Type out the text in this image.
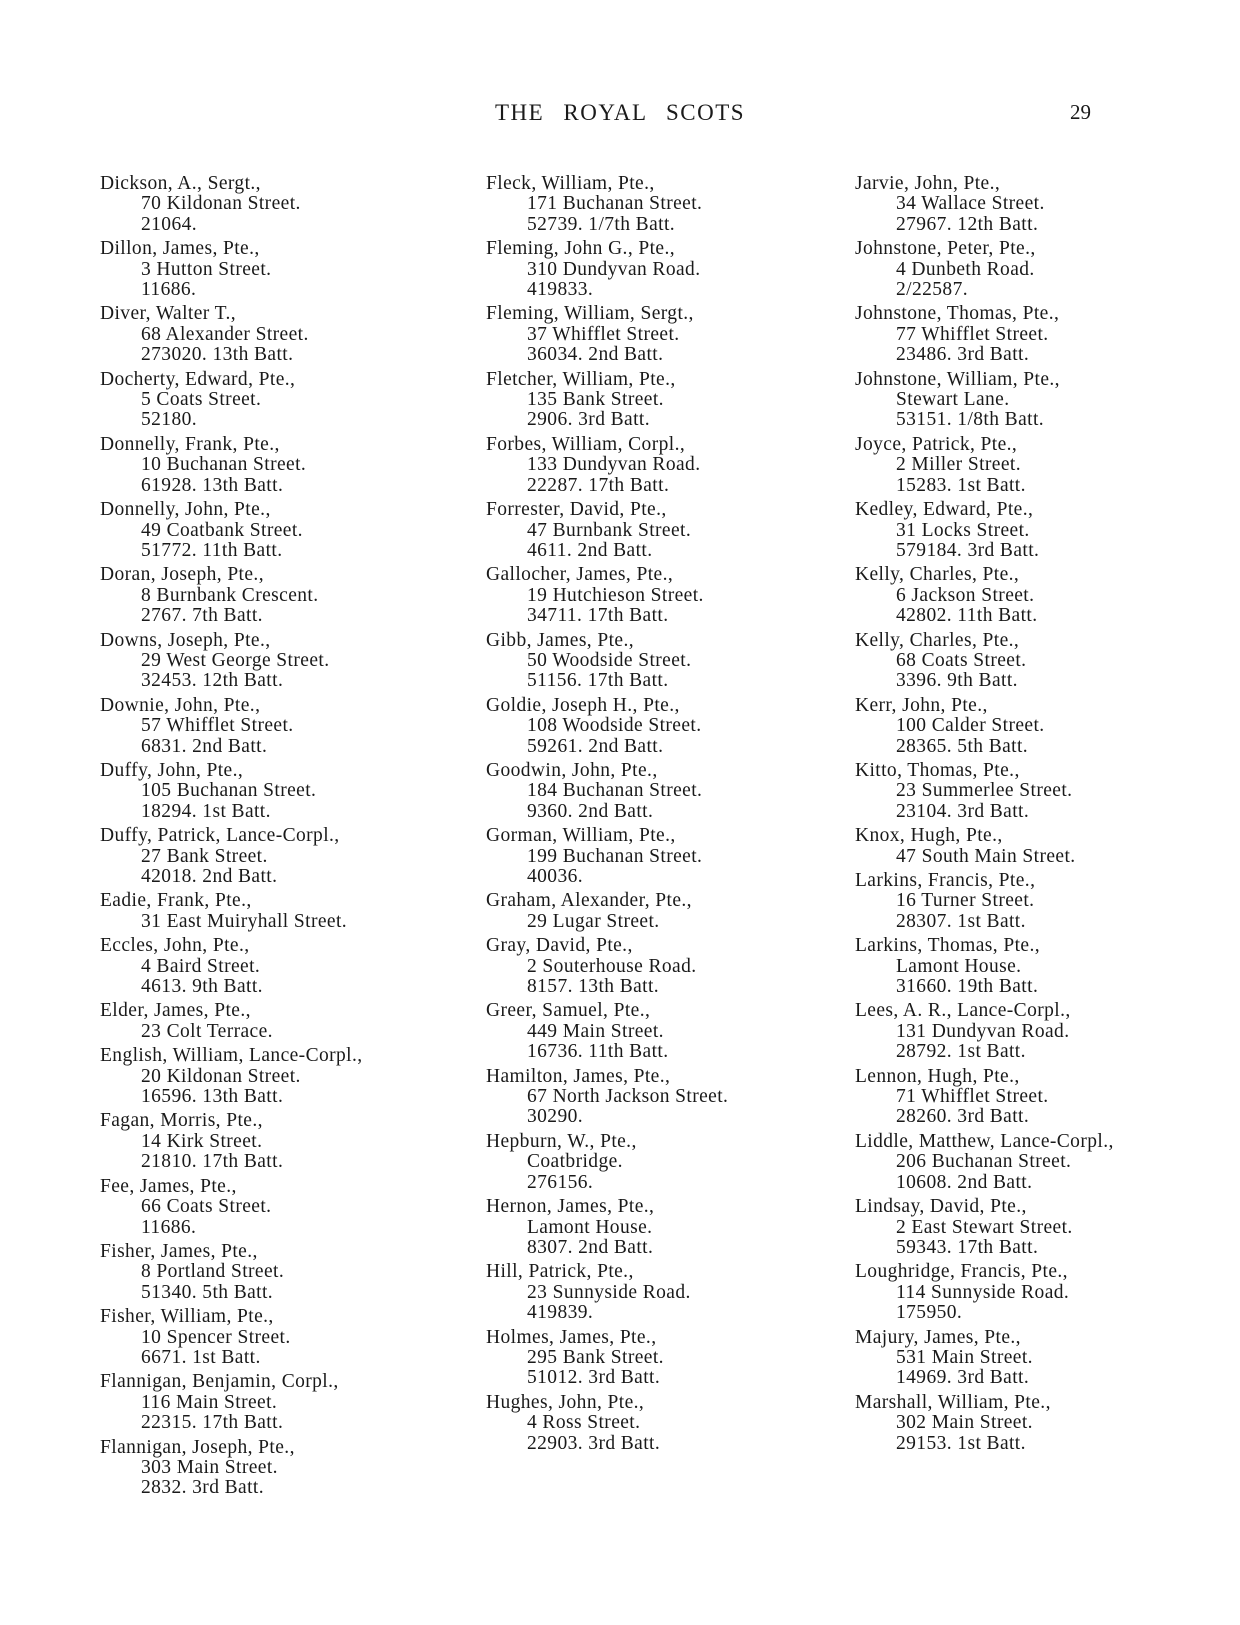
THE ROYAL SCOTS	29
Dickson, A., Sergt.,
70 Kildonan Street.
21064.
Dillon, James, Pte.,
3 Hutton Street.
11686.
Diver, Walter T.,
68 Alexander Street.
273020. 13th Batt.
Docherty, Edward, Pte.,
5 Coats Street.
52180.
Donnelly, Frank, Pte.,
10 Buchanan Street.
61928. 13th Batt.
Donnelly, John, Pte.,
49 Coatbank Street.
51772. 11th Batt.
Doran, Joseph, Pte.,
8 Burnbank Crescent.
2767. 7th Batt.
Downs, Joseph, Pte.,
29 West George Street.
32453. 12th Batt.
Downie, John, Pte.,
57 Whifflet Street.
6831. 2nd Batt.
Duffy, John, Pte.,
105 Buchanan Street.
18294. 1st Batt.
Duffy, Patrick, Lance-Corpl.,
27 Bank Street.
42018. 2nd Batt.
Eadie, Frank, Pte.,
31 East Muiryhall Street.
Eccles, John, Pte.,
4 Baird Street.
4613. 9th Batt.
Elder, James, Pte.,
23 Colt Terrace.
English, William, Lance-Corpl.,
20 Kildonan Street.
16596. 13th Batt.
Fagan, Morris, Pte.,
14 Kirk Street.
21810. 17th Batt.
Fee, James, Pte.,
66 Coats Street.
11686.
Fisher, James, Pte.,
8 Portland Street.
51340. 5th Batt.
Fisher, William, Pte.,
10 Spencer Street.
6671. 1st Batt.
Flannigan, Benjamin, Corpl.,
116 Main Street.
22315. 17th Batt.
Flannigan, Joseph, Pte.,
303 Main Street.
2832. 3rd Batt.
Fleck, William, Pte.,
171 Buchanan Street.
52739. 1/7th Batt.
Fleming, John G., Pte.,
310 Dundyvan Road.
419833.
Fleming, William, Sergt.,
37 Whifflet Street.
36034. 2nd Batt.
Fletcher, William, Pte.,
135 Bank Street.
2906. 3rd Batt.
Forbes, William, Corpl.,
133 Dundyvan Road.
22287. 17th Batt.
Forrester, David, Pte.,
47 Burnbank Street.
4611. 2nd Batt.
Gallocher, James, Pte.,
19 Hutchieson Street.
34711. 17th Batt.
Gibb, James, Pte.,
50 Woodside Street.
51156. 17th Batt.
Goldie, Joseph H., Pte.,
108 Woodside Street.
59261. 2nd Batt.
Goodwin, John, Pte.,
184 Buchanan Street.
9360. 2nd Batt.
Gorman, William, Pte.,
199 Buchanan Street.
40036.
Graham, Alexander, Pte.,
29 Lugar Street.
Gray, David, Pte.,
2 Souterhouse Road.
8157. 13th Batt.
Greer, Samuel, Pte.,
449 Main Street.
16736. 11th Batt.
Hamilton, James, Pte.,
67 North Jackson Street.
30290.
Hepburn, W., Pte.,
Coatbridge.
276156.
Hernon, James, Pte.,
Lamont House.
8307. 2nd Batt.
Hill, Patrick, Pte.,
23 Sunnyside Road.
419839.
Holmes, James, Pte.,
295 Bank Street.
51012. 3rd Batt.
Hughes, John, Pte.,
4 Ross Street.
22903. 3rd Batt.
Jarvie, John, Pte.,
34 Wallace Street.
27967. 12th Batt.
Johnstone, Peter, Pte.,
4 Dunbeth Road.
2/22587.
Johnstone, Thomas, Pte.,
77 Whifflet Street.
23486. 3rd Batt.
Johnstone, William, Pte.,
Stewart Lane.
53151. 1/8th Batt.
Joyce, Patrick, Pte.,
2 Miller Street.
15283. 1st Batt.
Kedley, Edward, Pte.,
31 Locks Street.
579184. 3rd Batt.
Kelly, Charles, Pte.,
6 Jackson Street.
42802. 11th Batt.
Kelly, Charles, Pte.,
68 Coats Street.
3396. 9th Batt.
Kerr, John, Pte.,
100 Calder Street.
28365. 5th Batt.
Kitto, Thomas, Pte.,
23 Summerlee Street.
23104. 3rd Batt.
Knox, Hugh, Pte.,
47 South Main Street.
Larkins, Francis, Pte.,
16 Turner Street.
28307. 1st Batt.
Larkins, Thomas, Pte.,
Lamont House.
31660. 19th Batt.
Lees, A. R., Lance-Corpl.,
131 Dundyvan Road.
28792. 1st Batt.
Lennon, Hugh, Pte.,
71 Whifflet Street.
28260. 3rd Batt.
Liddle, Matthew, Lance-Corpl.,
206 Buchanan Street.
10608. 2nd Batt.
Lindsay, David, Pte.,
2 East Stewart Street.
59343. 17th Batt.
Loughridge, Francis, Pte.,
114 Sunnyside Road.
175950.
Majury, James, Pte.,
531 Main Street.
14969. 3rd Batt.
Marshall, William, Pte.,
302 Main Street.
29153. 1st Batt.
